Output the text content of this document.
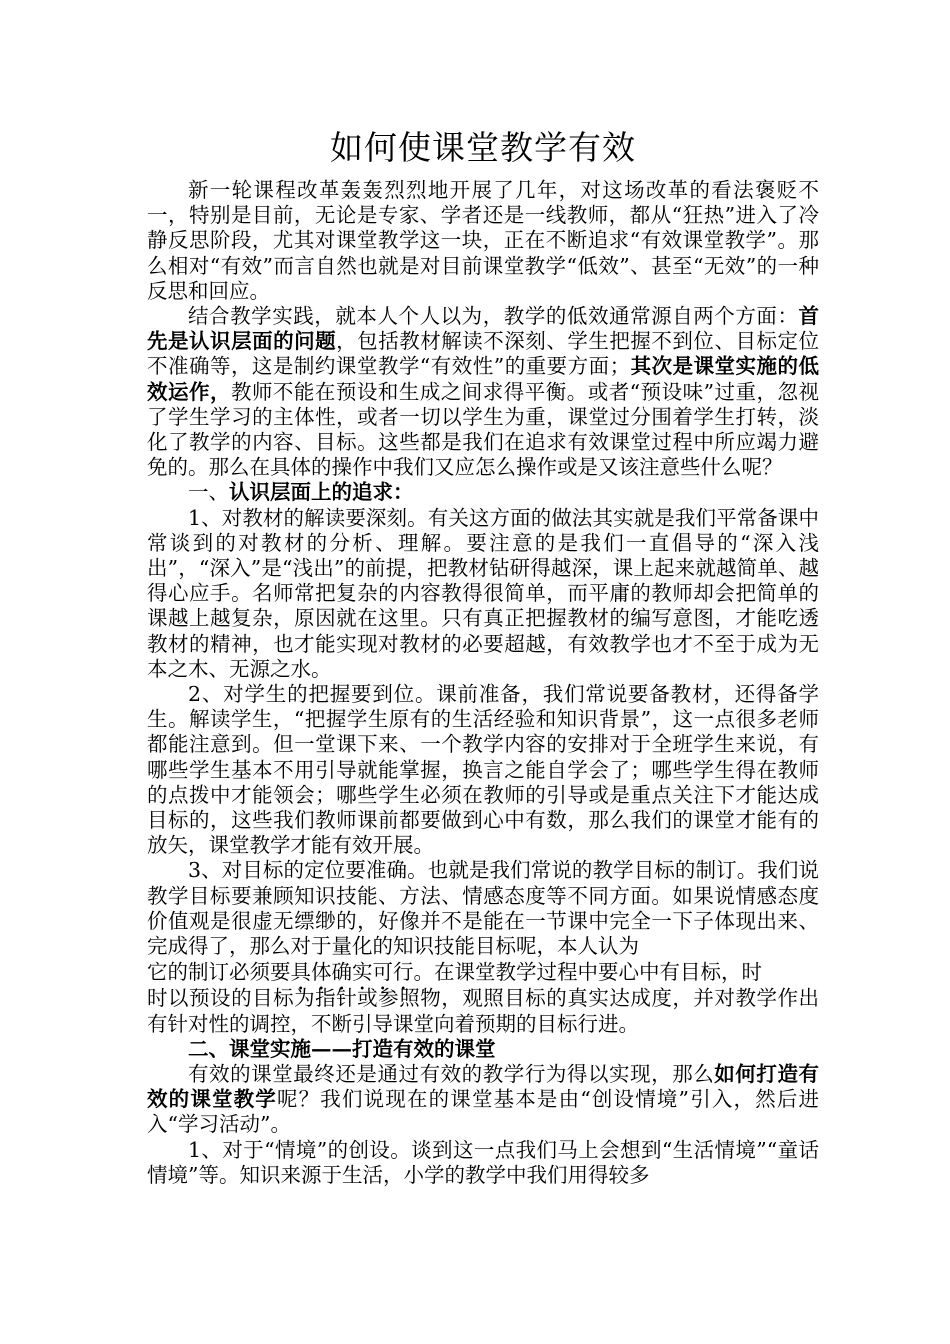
如何使课堂教学有效

新一轮课程改革轰轰烈烈地开展了几年，对这场改革的看法褒贬不一，特别是目前，无论是专家、学者还是一线教师，都从“狂热”进入了冷静反思阶段，尤其对课堂教学这一块，正在不断追求“有效课堂教学”。那么相对“有效”而言自然也就是对目前课堂教学“低效”、甚至“无效”的一种反思和回应。

结合教学实践，就本人个人以为，教学的低效通常源自两个方面：首先是认识层面的问题，包括教材解读不深刻、学生把握不到位、目标定位不准确等，这是制约课堂教学“有效性”的重要方面；其次是课堂实施的低效运作，教师不能在预设和生成之间求得平衡。或者“预设味”过重，忽视了学生学习的主体性，或者一切以学生为重，课堂过分围着学生打转，淡化了教学的内容、目标。这些都是我们在追求有效课堂过程中所应竭力避免的。那么在具体的操作中我们又应怎么操作或是又该注意些什么呢？

一、认识层面上的追求：

1、对教材的解读要深刻。有关这方面的做法其实就是我们平常备课中常谈到的对教材的分析、理解。要注意的是我们一直倡导的“深入浅出”，“深入”是“浅出”的前提，把教材钻研得越深，课上起来就越简单、越得心应手。名师常把复杂的内容教得很简单，而平庸的教师却会把简单的课越上越复杂，原因就在这里。只有真正把握教材的编写意图，才能吃透教材的精神，也才能实现对教材的必要超越，有效教学也才不至于成为无本之木、无源之水。

2、对学生的把握要到位。课前准备，我们常说要备教材，还得备学生。解读学生，“把握学生原有的生活经验和知识背景”，这一点很多老师都能注意到。但一堂课下来、一个教学内容的安排对于全班学生来说，有哪些学生基本不用引导就能掌握，换言之能自学会了；哪些学生得在教师的点拨中才能领会；哪些学生必须在教师的引导或是重点关注下才能达成目标的，这些我们教师课前都要做到心中有数，那么我们的课堂才能有的放矢，课堂教学才能有效开展。

3、对目标的定位要准确。也就是我们常说的教学目标的制订。我们说教学目标要兼顾知识技能、方法、情感态度等不同方面。如果说情感态度价值观是很虚无缥缈的，好像并不是能在一节课中完全一下子体现出来、完成得了，那么对于量化的知识技能目标呢，本人认为

它的制订必须要具体确实可行。在课堂教学过程中要心中有目标，时

时以预设的目标为指针或参照物，观照目标的真实达成度，并对教学作出有针对性的调控，不断引导课堂向着预期的目标行进。

二、课堂实施——打造有效的课堂

有效的课堂最终还是通过有效的教学行为得以实现，那么如何打造有效的课堂教学呢？我们说现在的课堂基本是由“创设情境”引入，然后进入“学习活动”。

1、对于“情境”的创设。谈到这一点我们马上会想到“生活情境”“童话情境”等。知识来源于生活，小学的教学中我们用得较多
